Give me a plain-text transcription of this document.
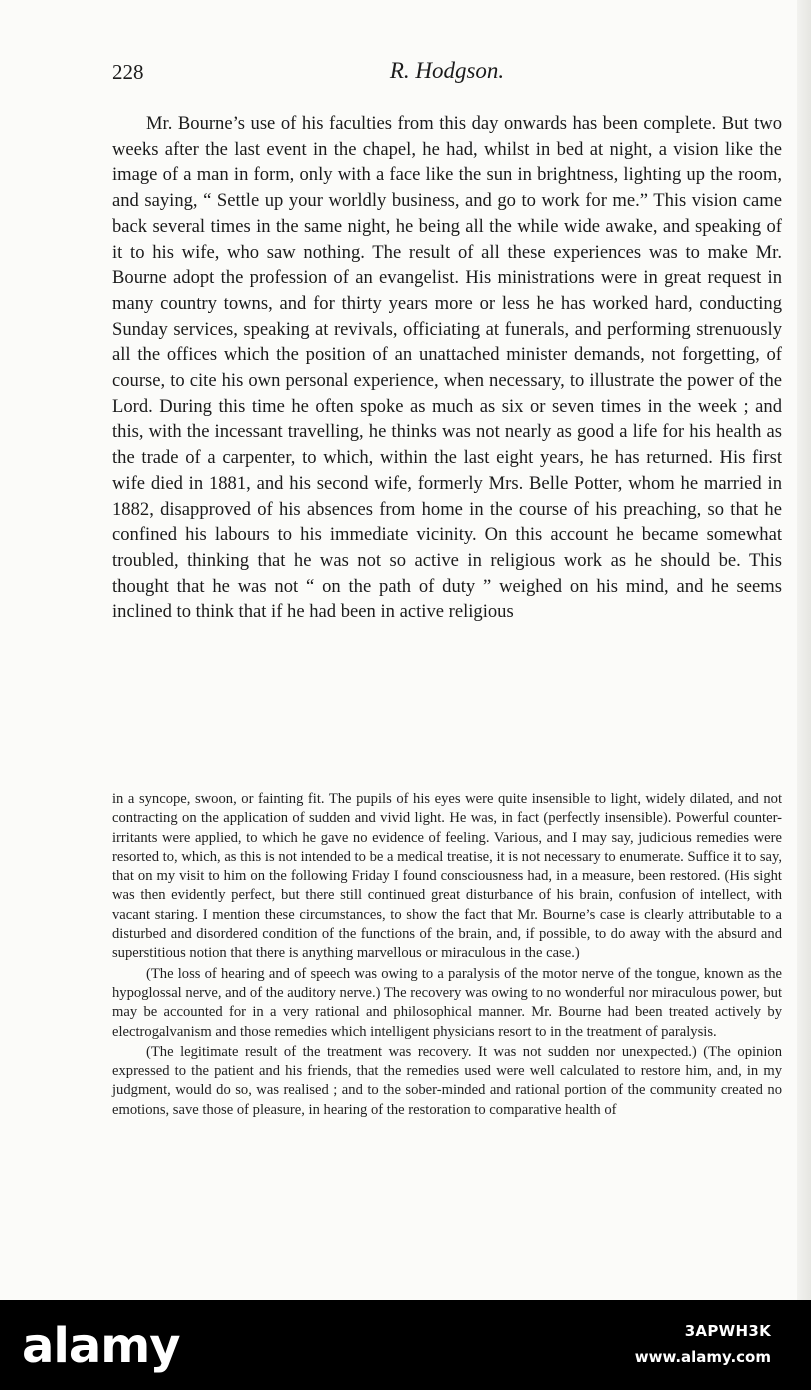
228	R. Hodgson.

Mr. Bourne’s use of his faculties from this day onwards has been complete. But two weeks after the last event in the chapel, he had, whilst in bed at night, a vision like the image of a man in form, only with a face like the sun in brightness, lighting up the room, and saying, “ Settle up your worldly business, and go to work for me.” This vision came back several times in the same night, he being all the while wide awake, and speaking of it to his wife, who saw nothing. The result of all these experiences was to make Mr. Bourne adopt the profession of an evangelist. His ministrations were in great request in many country towns, and for thirty years more or less he has worked hard, conducting Sunday services, speaking at revivals, officiating at funerals, and performing strenuously all the offices which the position of an unattached minister demands, not forgetting, of course, to cite his own personal experience, when necessary, to illustrate the power of the Lord. During this time he often spoke as much as six or seven times in the week ; and this, with the incessant travelling, he thinks was not nearly as good a life for his health as the trade of a carpenter, to which, within the last eight years, he has returned. His first wife died in 1881, and his second wife, formerly Mrs. Belle Potter, whom he married in 1882, disapproved of his absences from home in the course of his preaching, so that he confined his labours to his immediate vicinity. On this account he became somewhat troubled, thinking that he was not so active in religious work as he should be. This thought that he was not “ on the path of duty ” weighed on his mind, and he seems inclined to think that if he had been in active religious

in a syncope, swoon, or fainting fit. The pupils of his eyes were quite insensible to light, widely dilated, and not contracting on the application of sudden and vivid light. He was, in fact (perfectly insensible). Powerful counter-irritants were applied, to which he gave no evidence of feeling. Various, and I may say, judicious remedies were resorted to, which, as this is not intended to be a medical treatise, it is not necessary to enumerate. Suffice it to say, that on my visit to him on the following Friday I found consciousness had, in a measure, been restored. (His sight was then evidently perfect, but there still continued great disturbance of his brain, confusion of intellect, with vacant staring. I mention these circumstances, to show the fact that Mr. Bourne’s case is clearly attributable to a disturbed and disordered condition of the functions of the brain, and, if possible, to do away with the absurd and superstitious notion that there is anything marvellous or miraculous in the case.)

(The loss of hearing and of speech was owing to a paralysis of the motor nerve of the tongue, known as the hypoglossal nerve, and of the auditory nerve.) The recovery was owing to no wonderful nor miraculous power, but may be accounted for in a very rational and philosophical manner. Mr. Bourne had been treated actively by electrogalvanism and those remedies which intelligent physicians resort to in the treatment of paralysis.

(The legitimate result of the treatment was recovery. It was not sudden nor unexpected.) (The opinion expressed to the patient and his friends, that the remedies used were well calculated to restore him, and, in my judgment, would do so, was realised ; and to the sober-minded and rational portion of the community created no emotions, save those of pleasure, in hearing of the restoration to comparative health of

alamy	3APWH3K
www.alamy.com
